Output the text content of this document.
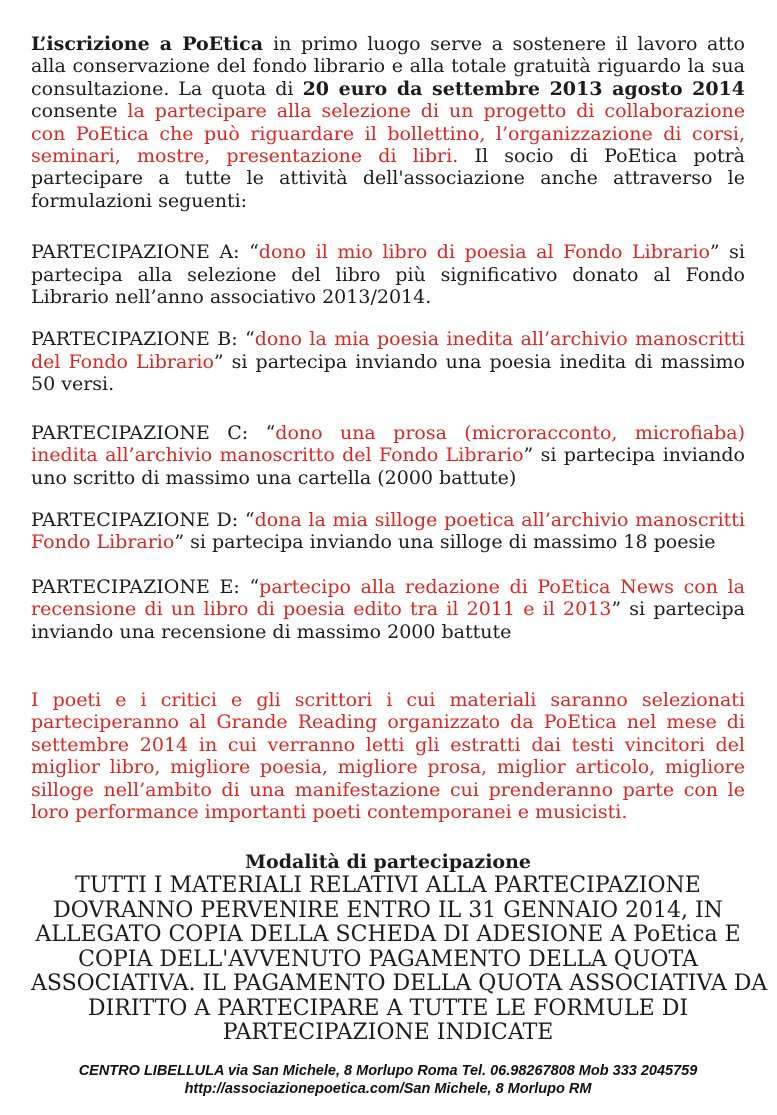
L’iscrizione a PoEtica in primo luogo serve a sostenere il lavoro atto alla conservazione del fondo librario e alla totale gratuità riguardo la sua consultazione. La quota di 20 euro da settembre 2013 agosto 2014 consente la partecipare alla selezione di un progetto di collaborazione con PoEtica che può riguardare il bollettino, l’organizzazione di corsi, seminari, mostre, presentazione di libri. Il socio di PoEtica potrà partecipare a tutte le attività dell'associazione anche attraverso le formulazioni seguenti:

PARTECIPAZIONE A: “dono il mio libro di poesia al Fondo Librario” si partecipa alla selezione del libro più significativo donato al Fondo Librario nell’anno associativo 2013/2014.

PARTECIPAZIONE B: “dono la mia poesia inedita all’archivio manoscritti del Fondo Librario” si partecipa inviando una poesia inedita di massimo 50 versi.

PARTECIPAZIONE C: “dono una prosa (microracconto, microfiaba) inedita all’archivio manoscritto del Fondo Librario” si partecipa inviando uno scritto di massimo una cartella (2000 battute)

PARTECIPAZIONE D: “dona la mia silloge poetica all’archivio manoscritti Fondo Librario” si partecipa inviando una silloge di massimo 18 poesie

PARTECIPAZIONE E: “partecipo alla redazione di PoEtica News con la recensione di un libro di poesia edito tra il 2011 e il 2013” si partecipa inviando una recensione di massimo 2000 battute

I poeti e i critici e gli scrittori i cui materiali saranno selezionati parteciperanno al Grande Reading organizzato da PoEtica nel mese di settembre 2014 in cui verranno letti gli estratti dai testi vincitori del miglior libro, migliore poesia, migliore prosa, miglior articolo, migliore silloge nell’ambito di una manifestazione cui prenderanno parte con le loro performance importanti poeti contemporanei e musicisti.

Modalità di partecipazione
TUTTI I MATERIALI RELATIVI ALLA PARTECIPAZIONE
DOVRANNO PERVENIRE ENTRO IL 31 GENNAIO 2014, IN
ALLEGATO COPIA DELLA SCHEDA DI ADESIONE A PoEtica E
COPIA DELL'AVVENUTO PAGAMENTO DELLA QUOTA
ASSOCIATIVA. IL PAGAMENTO DELLA QUOTA ASSOCIATIVA DA
DIRITTO A PARTECIPARE A TUTTE LE FORMULE DI
PARTECIPAZIONE INDICATE
CENTRO LIBELLULA via San Michele, 8 Morlupo Roma Tel. 06.98267808 Mob 333 2045759
http://associazionepoetica.com/San Michele, 8 Morlupo RM
